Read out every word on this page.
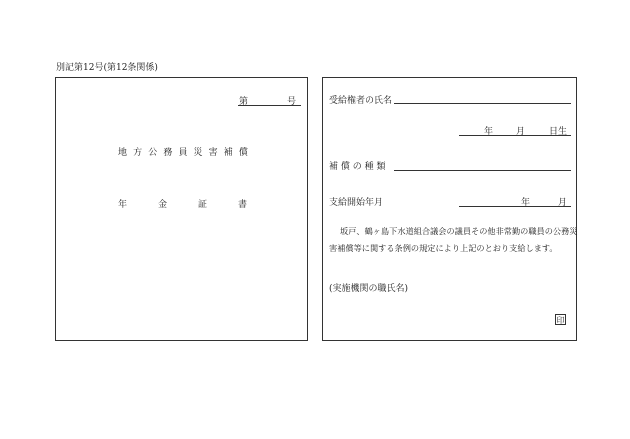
別記第12号(第12条関係)
第	号
地 方 公 務 員 災 害 補 償
年	金	証	書
受給権者の氏名
年	月	日生
補 償 の 種 類
支給開始年月	年	月
坂戸、鶴ヶ島下水道組合議会の議員その他非常勤の職員の公務災
害補償等に関する条例の規定により上記のとおり支給します。
(実施機関の職氏名)
印
